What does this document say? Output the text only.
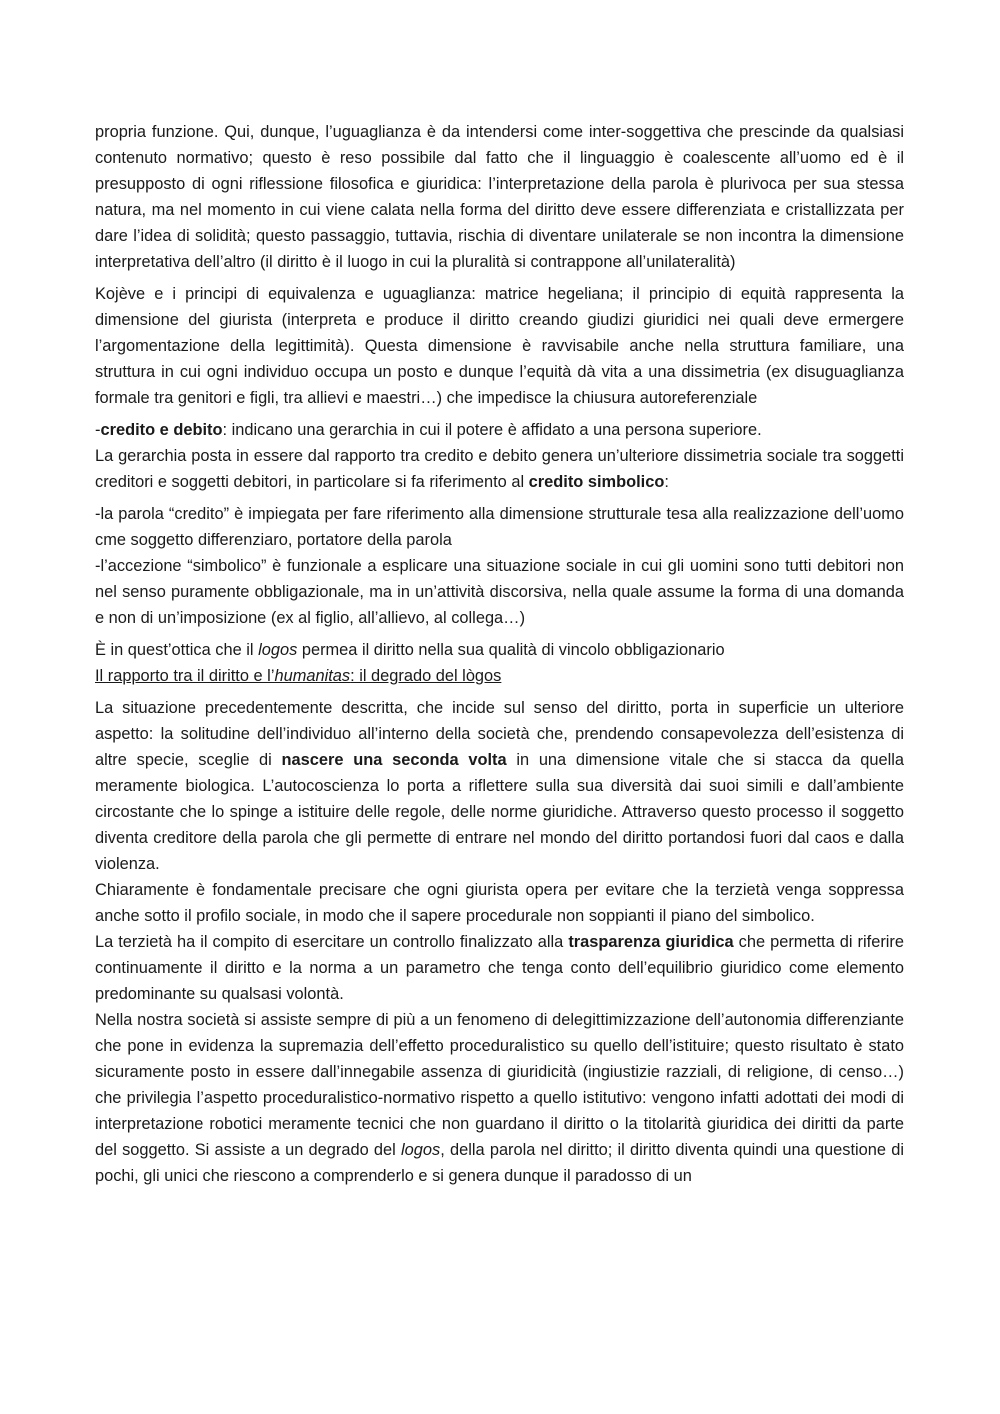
propria funzione. Qui, dunque, l’uguaglianza è da intendersi come inter-soggettiva che prescinde da qualsiasi contenuto normativo; questo è reso possibile dal fatto che il linguaggio è coalescente all’uomo ed è il presupposto di ogni riflessione filosofica e giuridica: l’interpretazione della parola è plurivoca per sua stessa natura, ma nel momento in cui viene calata nella forma del diritto deve essere differenziata e cristallizzata per dare l’idea di solidità; questo passaggio, tuttavia, rischia di diventare unilaterale se non incontra la dimensione interpretativa dell’altro (il diritto è il luogo in cui la pluralità si contrappone all’unilateralità)

Kojève e i principi di equivalenza e uguaglianza: matrice hegeliana; il principio di equità rappresenta la dimensione del giurista (interpreta e produce il diritto creando giudizi giuridici nei quali deve ermergere l’argomentazione della legittimità). Questa dimensione è ravvisabile anche nella struttura familiare, una struttura in cui ogni individuo occupa un posto e dunque l’equità dà vita a una dissimetria (ex disuguaglianza formale tra genitori e figli, tra allievi e maestri…) che impedisce la chiusura autoreferenziale

-credito e debito: indicano una gerarchia in cui il potere è affidato a una persona superiore.

La gerarchia posta in essere dal rapporto tra credito e debito genera un’ulteriore dissimetria sociale tra soggetti creditori e soggetti debitori, in particolare si fa riferimento al credito simbolico:

-la parola “credito” è impiegata per fare riferimento alla dimensione strutturale tesa alla realizzazione dell’uomo cme soggetto differenziaro, portatore della parola

-l’accezione “simbolico” è funzionale a esplicare una situazione sociale in cui gli uomini sono tutti debitori non nel senso puramente obbligazionale, ma in un’attività discorsiva, nella quale assume la forma di una domanda e non di un’imposizione (ex al figlio, all’allievo, al collega…)

È in quest’ottica che il logos permea il diritto nella sua qualità di vincolo obbligazionario

Il rapporto tra il diritto e l’humanitas: il degrado del lògos

La situazione precedentemente descritta, che incide sul senso del diritto, porta in superficie un ulteriore aspetto: la solitudine dell’individuo all’interno della società che, prendendo consapevolezza dell’esistenza di altre specie, sceglie di nascere una seconda volta in una dimensione vitale che si stacca da quella meramente biologica. L’autocoscienza lo porta a riflettere sulla sua diversità dai suoi simili e dall’ambiente circostante che lo spinge a istituire delle regole, delle norme giuridiche. Attraverso questo processo il soggetto diventa creditore della parola che gli permette di entrare nel mondo del diritto portandosi fuori dal caos e dalla violenza.

Chiaramente è fondamentale precisare che ogni giurista opera per evitare che la terzietà venga soppressa anche sotto il profilo sociale, in modo che il sapere procedurale non soppianti il piano del simbolico.

La terzietà ha il compito di esercitare un controllo finalizzato alla trasparenza giuridica che permetta di riferire continuamente il diritto e la norma a un parametro che tenga conto dell’equilibrio giuridico come elemento predominante su qualsasi volontà.

Nella nostra società si assiste sempre di più a un fenomeno di delegittimizzazione dell’autonomia differenziante che pone in evidenza la supremazia dell’effetto proceduralistico su quello dell’istituire; questo risultato è stato sicuramente posto in essere dall’innegabile assenza di giuridicità (ingiustizie razziali, di religione, di censo…) che privilegia l’aspetto proceduralistico-normativo rispetto a quello istitutivo: vengono infatti adottati dei modi di interpretazione robotici meramente tecnici che non guardano il diritto o la titolarità giuridica dei diritti da parte del soggetto. Si assiste a un degrado del logos, della parola nel diritto; il diritto diventa quindi una questione di pochi, gli unici che riescono a comprenderlo e si genera dunque il paradosso di un
